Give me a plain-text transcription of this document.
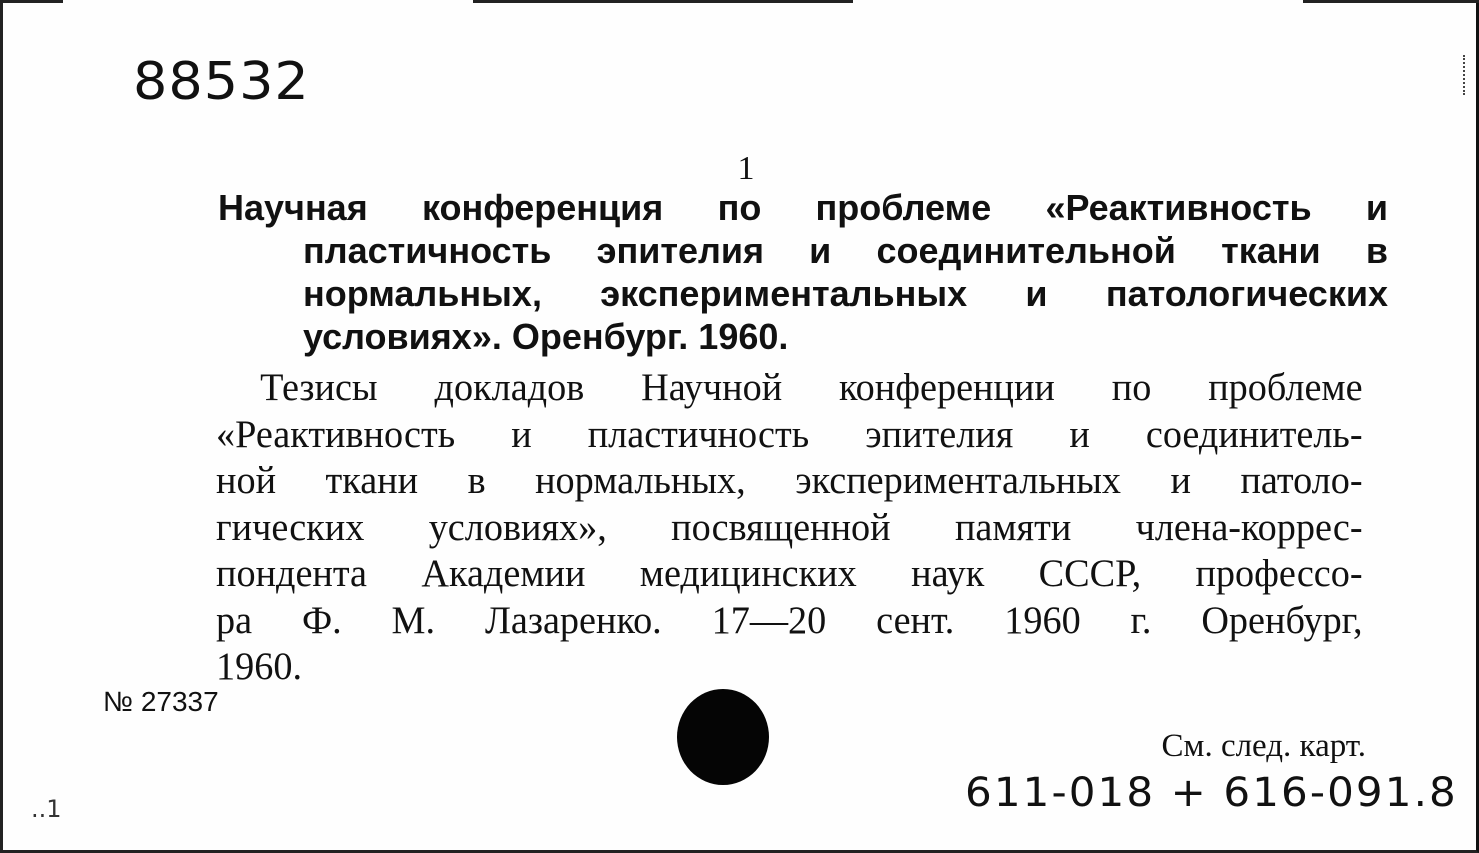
88532
1
Научная конференция по проблеме «Реактивность и
пластичность эпителия и соединительной ткани в
нормальных, экспериментальных и патологических
условиях». Оренбург. 1960.
Тезисы докладов Научной конференции по проблеме
«Реактивность и пластичность эпителия и соединитель-
ной ткани в нормальных, экспериментальных и патоло-
гических условиях», посвященной памяти члена-коррес-
пондента Академии медицинских наук СССР, профессо-
ра Ф. М. Лазаренко. 17—20 сент. 1960 г. Оренбург,
1960.
№ 27337
См. след. карт.
611-018 + 616-091.8
..1
